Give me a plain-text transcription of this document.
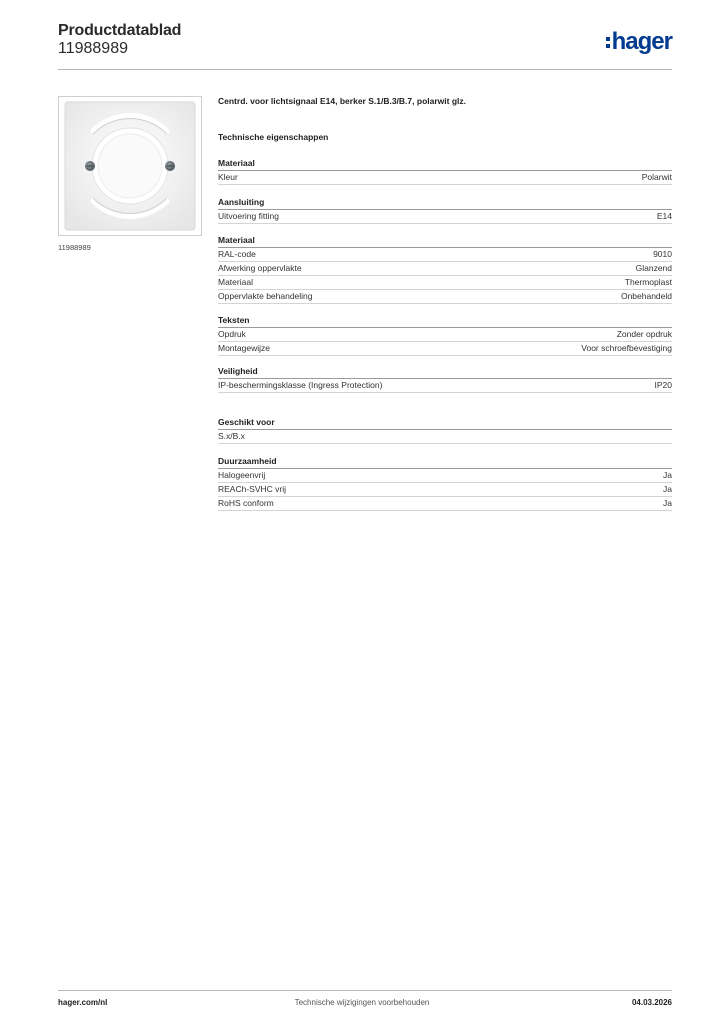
Productdatablad
11988989	hager
11988989
Centrd. voor lichtsignaal E14, berker S.1/B.3/B.7, polarwit glz.
Technische eigenschappen
Materiaal
Kleur	Polarwit
Aansluiting
Uitvoering fitting	E14
Materiaal
RAL-code	9010
Afwerking oppervlakte	Glanzend
Materiaal	Thermoplast
Oppervlakte behandeling	Onbehandeld
Teksten
Opdruk	Zonder opdruk
Montagewijze	Voor schroefbevestiging
Veiligheid
IP-beschermingsklasse (Ingress Protection)	IP20
Geschikt voor
S.x/B.x
Duurzaamheid
Halogeenvrij	Ja
REACh-SVHC vrij	Ja
RoHS conform	Ja
hager.com/nl	Technische wijzigingen voorbehouden	04.03.2026
